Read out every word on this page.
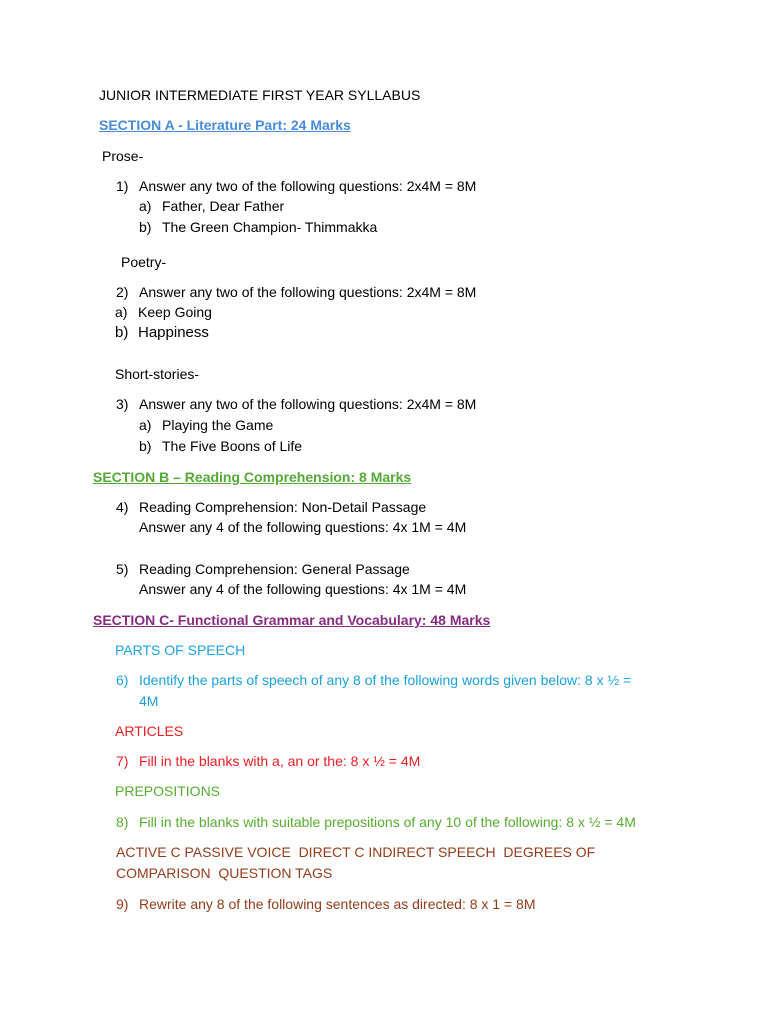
JUNIOR INTERMEDIATE FIRST YEAR SYLLABUS
SECTION A - Literature Part: 24 Marks
Prose-
1) Answer any two of the following questions: 2x4M = 8M
a) Father, Dear Father
b) The Green Champion- Thimmakka
Poetry-
2) Answer any two of the following questions: 2x4M = 8M
a) Keep Going
b) Happiness
Short-stories-
3) Answer any two of the following questions: 2x4M = 8M
a) Playing the Game
b) The Five Boons of Life
SECTION B – Reading Comprehension: 8 Marks
4) Reading Comprehension: Non-Detail Passage
Answer any 4 of the following questions: 4x 1M = 4M
5) Reading Comprehension: General Passage
Answer any 4 of the following questions: 4x 1M = 4M
SECTION C- Functional Grammar and Vocabulary: 48 Marks
PARTS OF SPEECH
6) Identify the parts of speech of any 8 of the following words given below: 8 x ½ =
4M
ARTICLES
7) Fill in the blanks with a, an or the: 8 x ½ = 4M
PREPOSITIONS
8) Fill in the blanks with suitable prepositions of any 10 of the following: 8 x ½ = 4M
ACTIVE C PASSIVE VOICE  DIRECT C INDIRECT SPEECH  DEGREES OF
COMPARISON  QUESTION TAGS
9) Rewrite any 8 of the following sentences as directed: 8 x 1 = 8M
